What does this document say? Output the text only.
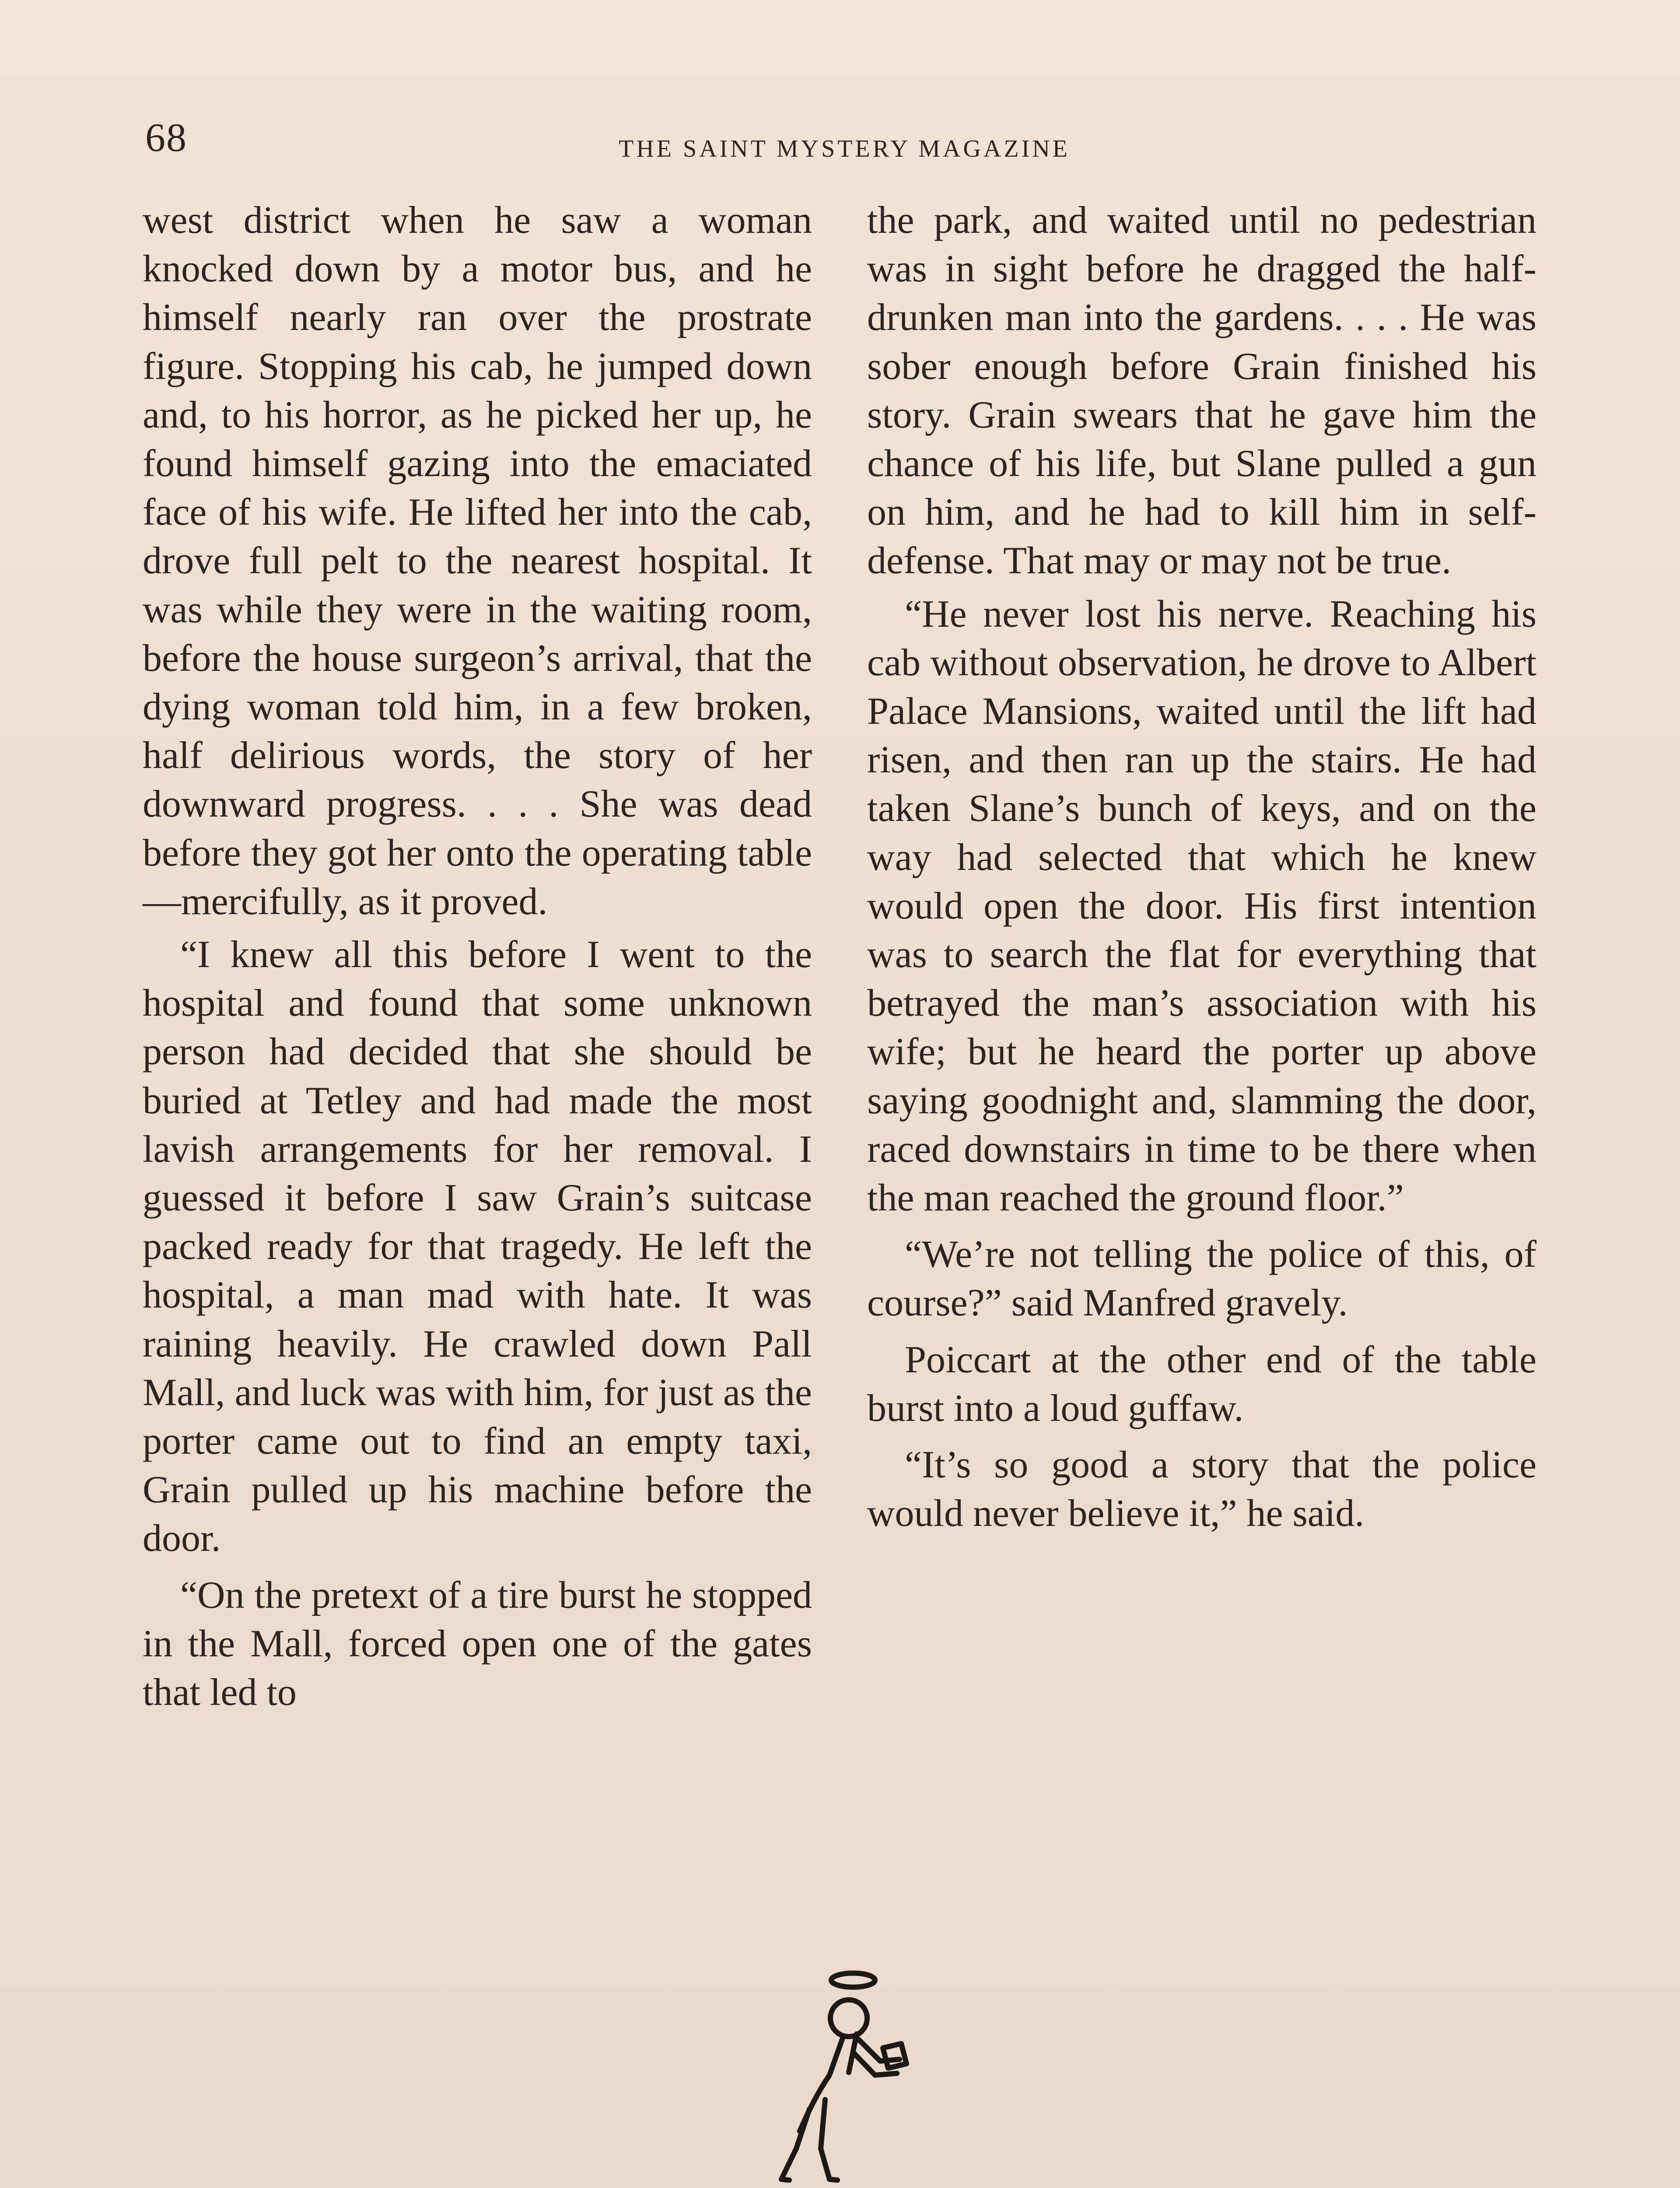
68	THE SAINT MYSTERY MAGAZINE

west district when he saw a woman knocked down by a motor bus, and he himself nearly ran over the prostrate figure. Stopping his cab, he jumped down and, to his horror, as he picked her up, he found himself gazing into the emaciated face of his wife. He lifted her into the cab, drove full pelt to the nearest hospital. It was while they were in the waiting room, before the house surgeon’s arrival, that the dying woman told him, in a few broken, half delirious words, the story of her downward progress. . . . She was dead before they got her onto the operating table—mercifully, as it proved.

“I knew all this before I went to the hospital and found that some unknown person had decided that she should be buried at Tetley and had made the most lavish arrangements for her removal. I guessed it before I saw Grain’s suitcase packed ready for that tragedy. He left the hospital, a man mad with hate. It was raining heavily. He crawled down Pall Mall, and luck was with him, for just as the porter came out to find an empty taxi, Grain pulled up his machine before the door.

“On the pretext of a tire burst he stopped in the Mall, forced open one of the gates that led to

the park, and waited until no pedestrian was in sight before he dragged the half-drunken man into the gardens. . . . He was sober enough before Grain finished his story. Grain swears that he gave him the chance of his life, but Slane pulled a gun on him, and he had to kill him in self-defense. That may or may not be true.

“He never lost his nerve. Reaching his cab without observation, he drove to Albert Palace Mansions, waited until the lift had risen, and then ran up the stairs. He had taken Slane’s bunch of keys, and on the way had selected that which he knew would open the door. His first intention was to search the flat for everything that betrayed the man’s association with his wife; but he heard the porter up above saying goodnight and, slamming the door, raced downstairs in time to be there when the man reached the ground floor.”

“We’re not telling the police of this, of course?” said Manfred gravely.

Poiccart at the other end of the table burst into a loud guffaw.

“It’s so good a story that the police would never believe it,” he said.
